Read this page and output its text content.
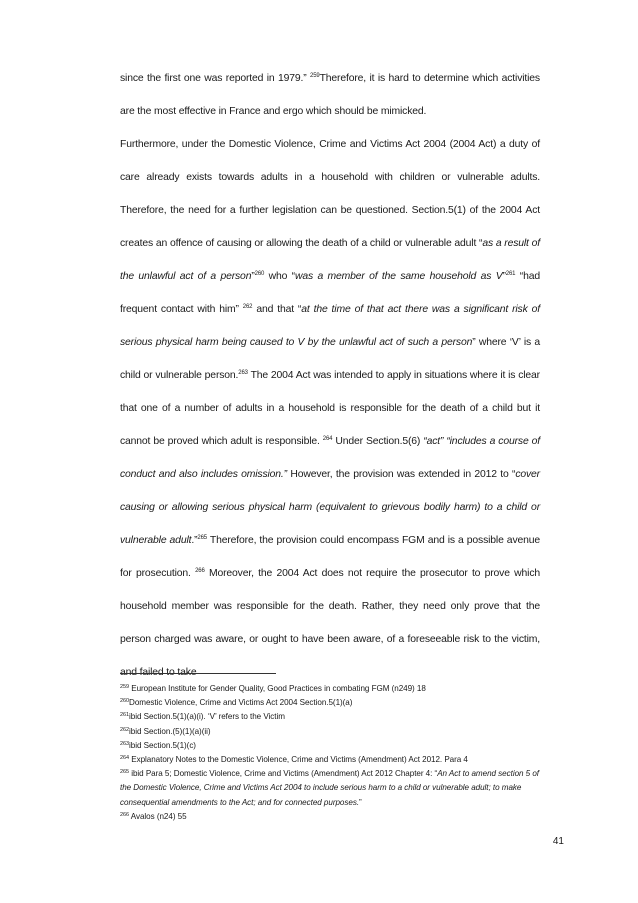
since the first one was reported in 1979.” $^{259}$Therefore, it is hard to determine which activities are the most effective in France and ergo which should be mimicked.

Furthermore, under the Domestic Violence, Crime and Victims Act 2004 (2004 Act) a duty of care already exists towards adults in a household with children or vulnerable adults. Therefore, the need for a further legislation can be questioned. Section.5(1) of the 2004 Act creates an offence of causing or allowing the death of a child or vulnerable adult “as a result of the unlawful act of a person”$^{260}$ who “was a member of the same household as V”$^{261}$ “had frequent contact with him” $^{262}$ and that “at the time of that act there was a significant risk of serious physical harm being caused to V by the unlawful act of such a person” where ‘V’ is a child or vulnerable person.$^{263}$ The 2004 Act was intended to apply in situations where it is clear that one of a number of adults in a household is responsible for the death of a child but it cannot be proved which adult is responsible. $^{264}$ Under Section.5(6) “act” “includes a course of conduct and also includes omission.” However, the provision was extended in 2012 to “cover causing or allowing serious physical harm (equivalent to grievous bodily harm) to a child or vulnerable adult.”$^{265}$ Therefore, the provision could encompass FGM and is a possible avenue for prosecution. $^{266}$ Moreover, the 2004 Act does not require the prosecutor to prove which household member was responsible for the death. Rather, they need only prove that the person charged was aware, or ought to have been aware, of a foreseeable risk to the victim, and failed to take

$^{259}$ European Institute for Gender Quality, Good Practices in combating FGM (n249) 18

$^{260}$Domestic Violence, Crime and Victims Act 2004 Section.5(1)(a)

$^{261}$ibid Section.5(1)(a)(i). ‘V’ refers to the Victim

$^{262}$ibid Section.(5)(1)(a)(ii)

$^{263}$ibid Section.5(1)(c)

$^{264}$ Explanatory Notes to the Domestic Violence, Crime and Victims (Amendment) Act 2012. Para 4

$^{265}$ ibid Para 5; Domestic Violence, Crime and Victims (Amendment) Act 2012 Chapter 4: “An Act to amend section 5 of the Domestic Violence, Crime and Victims Act 2004 to include serious harm to a child or vulnerable adult; to make consequential amendments to the Act; and for connected purposes.”

$^{266}$ Avalos (n24) 55

41
